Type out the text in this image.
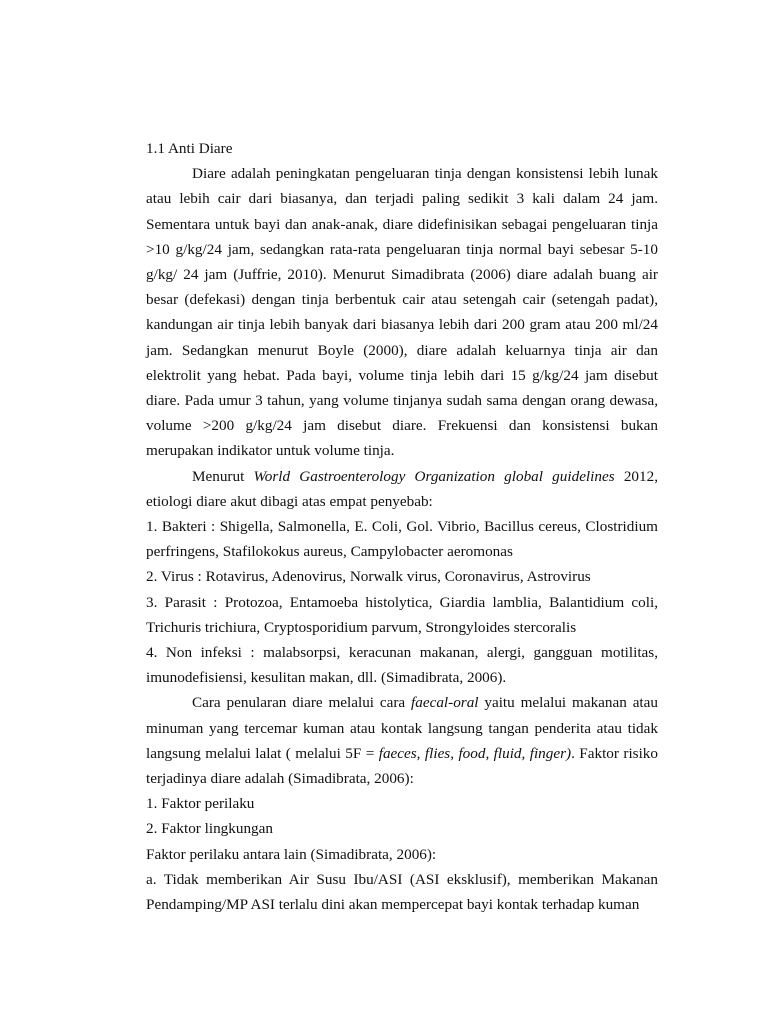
1.1 Anti Diare

Diare adalah peningkatan pengeluaran tinja dengan konsistensi lebih lunak atau lebih cair dari biasanya, dan terjadi paling sedikit 3 kali dalam 24 jam. Sementara untuk bayi dan anak-anak, diare didefinisikan sebagai pengeluaran tinja >10 g/kg/24 jam, sedangkan rata-rata pengeluaran tinja normal bayi sebesar 5-10 g/kg/ 24 jam (Juffrie, 2010). Menurut Simadibrata (2006) diare adalah buang air besar (defekasi) dengan tinja berbentuk cair atau setengah cair (setengah padat), kandungan air tinja lebih banyak dari biasanya lebih dari 200 gram atau 200 ml/24 jam. Sedangkan menurut Boyle (2000), diare adalah keluarnya tinja air dan elektrolit yang hebat. Pada bayi, volume tinja lebih dari 15 g/kg/24 jam disebut diare. Pada umur 3 tahun, yang volume tinjanya sudah sama dengan orang dewasa, volume >200 g/kg/24 jam disebut diare. Frekuensi dan konsistensi bukan merupakan indikator untuk volume tinja.

Menurut World Gastroenterology Organization global guidelines 2012, etiologi diare akut dibagi atas empat penyebab:

1. Bakteri : Shigella, Salmonella, E. Coli, Gol. Vibrio, Bacillus cereus, Clostridium perfringens, Stafilokokus aureus, Campylobacter aeromonas

2. Virus : Rotavirus, Adenovirus, Norwalk virus, Coronavirus, Astrovirus

3. Parasit : Protozoa, Entamoeba histolytica, Giardia lamblia, Balantidium coli, Trichuris trichiura, Cryptosporidium parvum, Strongyloides stercoralis

4. Non infeksi : malabsorpsi, keracunan makanan, alergi, gangguan motilitas, imunodefisiensi, kesulitan makan, dll. (Simadibrata, 2006).

Cara penularan diare melalui cara faecal-oral yaitu melalui makanan atau minuman yang tercemar kuman atau kontak langsung tangan penderita atau tidak langsung melalui lalat ( melalui 5F = faeces, flies, food, fluid, finger). Faktor risiko terjadinya diare adalah (Simadibrata, 2006):

1. Faktor perilaku

2. Faktor lingkungan

Faktor perilaku antara lain (Simadibrata, 2006):

a. Tidak memberikan Air Susu Ibu/ASI (ASI eksklusif), memberikan Makanan Pendamping/MP ASI terlalu dini akan mempercepat bayi kontak terhadap kuman
